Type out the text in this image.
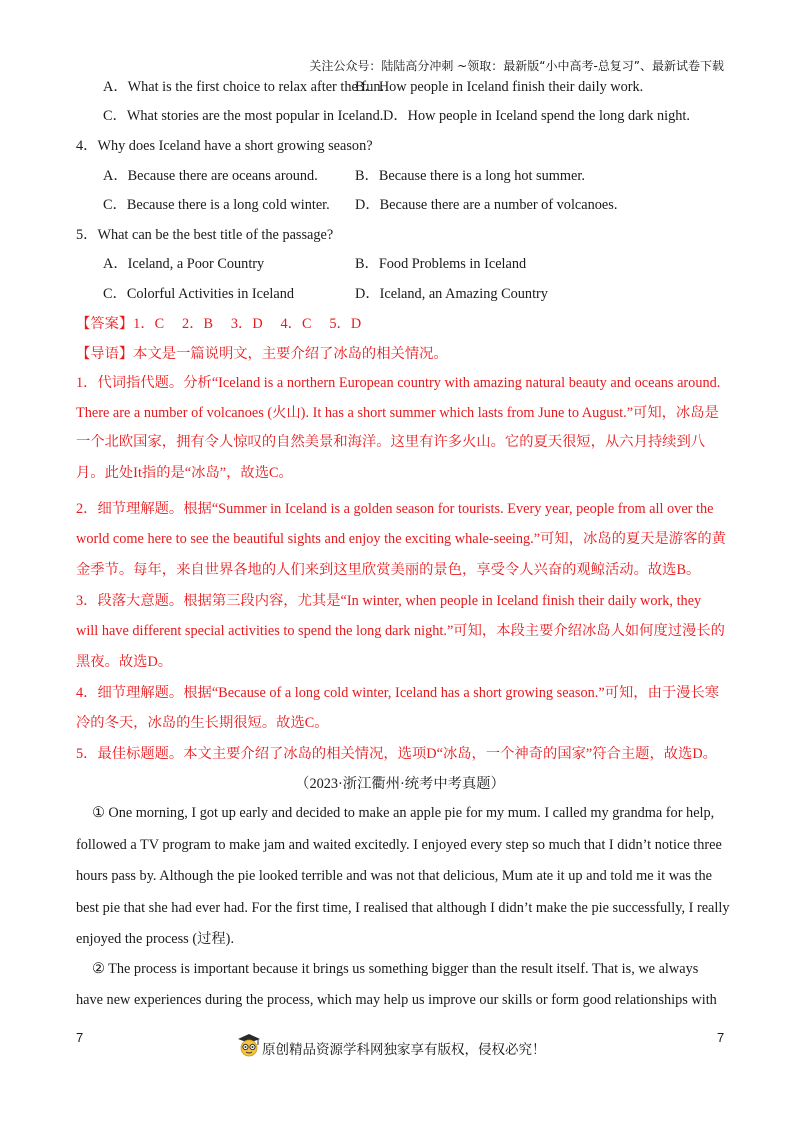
关注公众号：陆陆高分冲刺 ~领取：最新版“小中高考-总复习”、最新试卷下载
A．What is the first choice to relax after the fun.
B．How people in Iceland finish their daily work.
C．What stories are the most popular in Iceland. D．How people in Iceland spend the long dark night.
4．Why does Iceland have a short growing season?
A．Because there are oceans around.	B．Because there is a long hot summer.
C．Because there is a long cold winter. D．Because there are a number of volcanoes.
5．What can be the best title of the passage?
A．Iceland, a Poor Country	B．Food Problems in Iceland
C．Colorful Activities in Iceland	D．Iceland, an Amazing Country
【答案】1．C　 2．B　 3．D　 4．C　 5．D
【导语】本文是一篇说明文，主要介绍了冰岛的相关情况。
1．代词指代题。分析“Iceland is a northern European country with amazing natural beauty and oceans around.
There are a number of volcanoes (火山). It has a short summer which lasts from June to August.”可知，冰岛是
一个北欧国家，拥有令人惊叹的自然美景和海洋。这里有许多火山。它的夏天很短，从六月持续到八
月。此处It指的是“冰岛”，故选C。
2．细节理解题。根据“Summer in Iceland is a golden season for tourists. Every year, people from all over the
world come here to see the beautiful sights and enjoy the exciting whale-seeing.”可知，冰岛的夏天是游客的黄
金季节。每年，来自世界各地的人们来到这里欣赏美丽的景色，享受令人兴奋的观鲸活动。故选B。
3．段落大意题。根据第三段内容，尤其是“In winter, when people in Iceland finish their daily work, they
will have different special activities to spend the long dark night.”可知，本段主要介绍冰岛人如何度过漫长的
黑夜。故选D。
4．细节理解题。根据“Because of a long cold winter, Iceland has a short growing season.”可知，由于漫长寒
冷的冬天，冰岛的生长期很短。故选C。
5．最佳标题题。本文主要介绍了冰岛的相关情况，选项D“冰岛，一个神奇的国家”符合主题，故选D。
（2023·浙江衢州·统考中考真题）
① One morning, I got up early and decided to make an apple pie for my mum. I called my grandma for help,
followed a TV program to make jam and waited excitedly. I enjoyed every step so much that I didn’t notice three
hours pass by. Although the pie looked terrible and was not that delicious, Mum ate it up and told me it was the
best pie that she had ever had. For the first time, I realised that although I didn’t make the pie successfully, I really
enjoyed the process (过程).
② The process is important because it brings us something bigger than the result itself. That is, we always
have new experiences during the process, which may help us improve our skills or form good relationships with
7	7
原创精品资源学科网独家享有版权，侵权必究！
